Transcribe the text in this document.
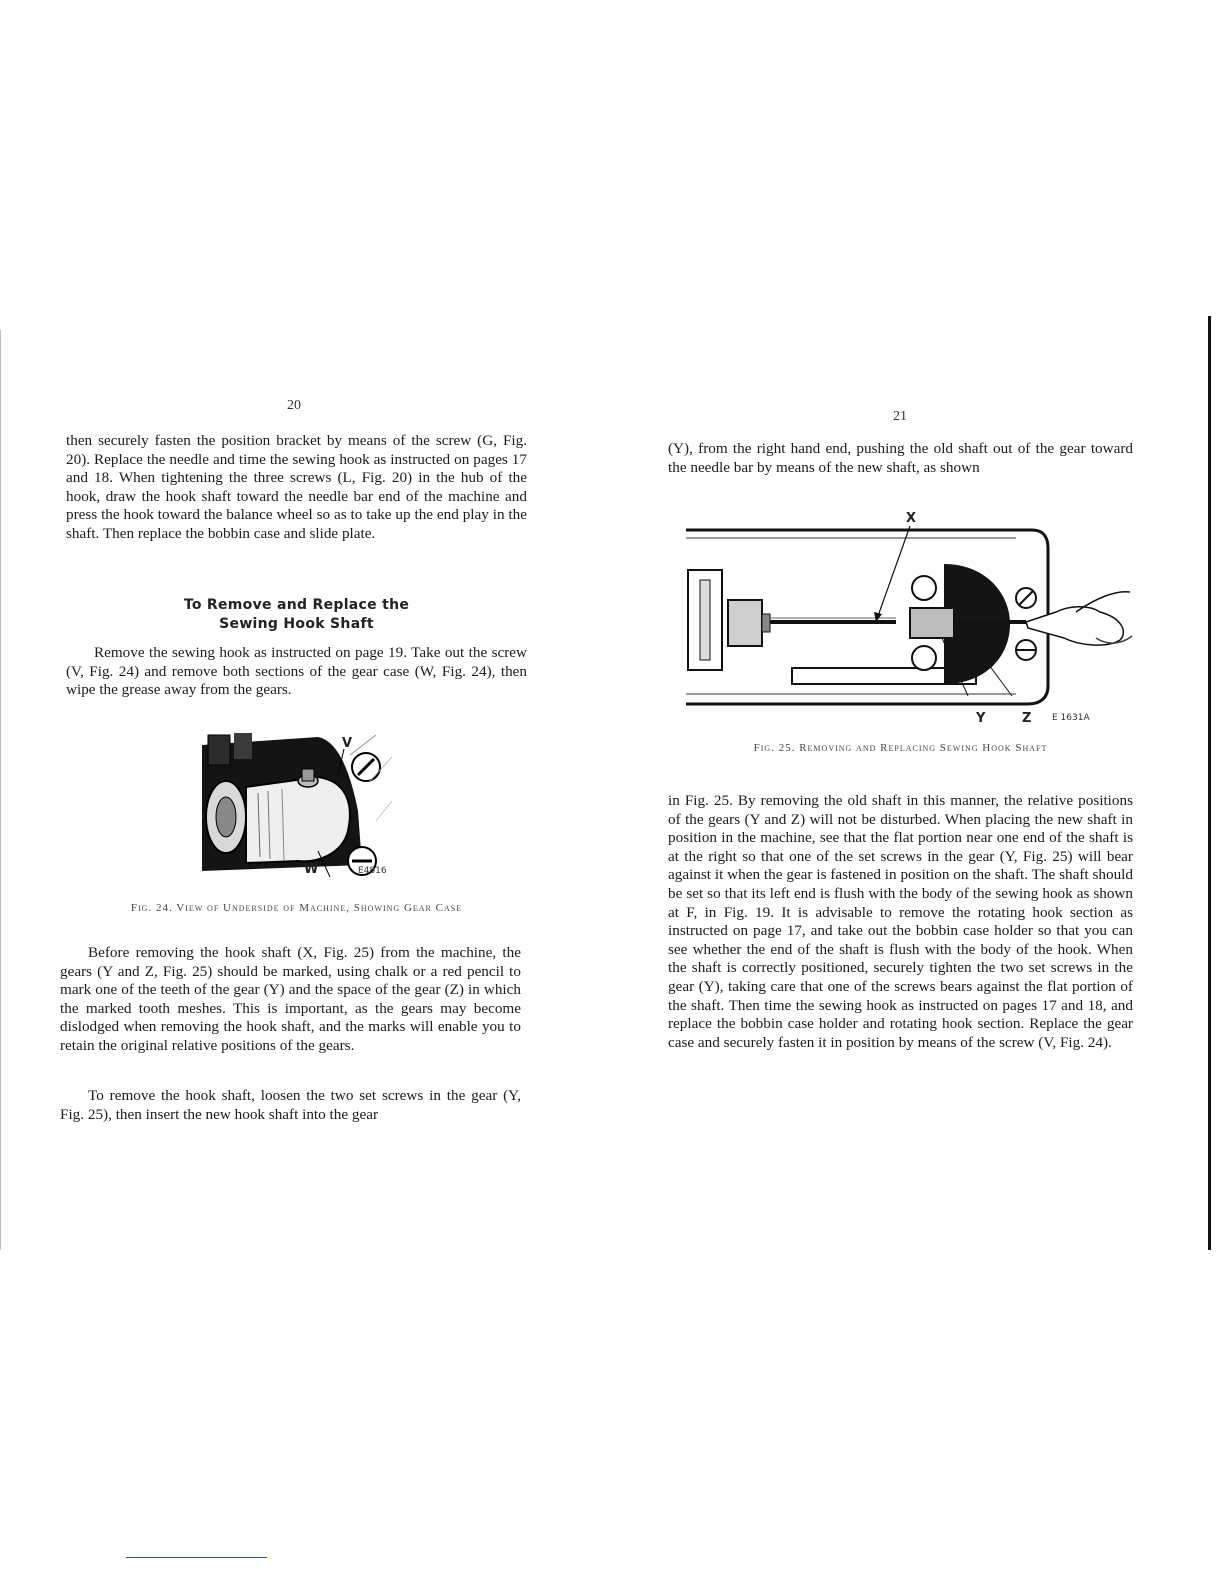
20

then securely fasten the position bracket by means of the screw (G, Fig. 20). Replace the needle and time the sewing hook as instructed on pages 17 and 18. When tightening the three screws (L, Fig. 20) in the hub of the hook, draw the hook shaft toward the needle bar end of the machine and press the hook toward the balance wheel so as to take up the end play in the shaft. Then replace the bobbin case and slide plate.

To Remove and Replace the
Sewing Hook Shaft

Remove the sewing hook as instructed on page 19. Take out the screw (V, Fig. 24) and remove both sections of the gear case (W, Fig. 24), then wipe the grease away from the gears.

V
W	E4816
Fig. 24. View of Underside of Machine, Showing Gear Case

Before removing the hook shaft (X, Fig. 25) from the machine, the gears (Y and Z, Fig. 25) should be marked, using chalk or a red pencil to mark one of the teeth of the gear (Y) and the space of the gear (Z) in which the marked tooth meshes. This is important, as the gears may become dislodged when removing the hook shaft, and the marks will enable you to retain the original relative positions of the gears.

To remove the hook shaft, loosen the two set screws in the gear (Y, Fig. 25), then insert the new hook shaft into the gear

21

(Y), from the right hand end, pushing the old shaft out of the gear toward the needle bar by means of the new shaft, as shown

X
Y	Z E 1631A
Fig. 25. Removing and Replacing Sewing Hook Shaft

in Fig. 25. By removing the old shaft in this manner, the relative positions of the gears (Y and Z) will not be disturbed. When placing the new shaft in position in the machine, see that the flat portion near one end of the shaft is at the right so that one of the set screws in the gear (Y, Fig. 25) will bear against it when the gear is fastened in position on the shaft. The shaft should be set so that its left end is flush with the body of the sewing hook as shown at F, in Fig. 19. It is advisable to remove the rotating hook section as instructed on page 17, and take out the bobbin case holder so that you can see whether the end of the shaft is flush with the body of the hook. When the shaft is correctly positioned, securely tighten the two set screws in the gear (Y), taking care that one of the screws bears against the flat portion of the shaft. Then time the sewing hook as instructed on pages 17 and 18, and replace the bobbin case holder and rotating hook section. Replace the gear case and securely fasten it in position by means of the screw (V, Fig. 24).
